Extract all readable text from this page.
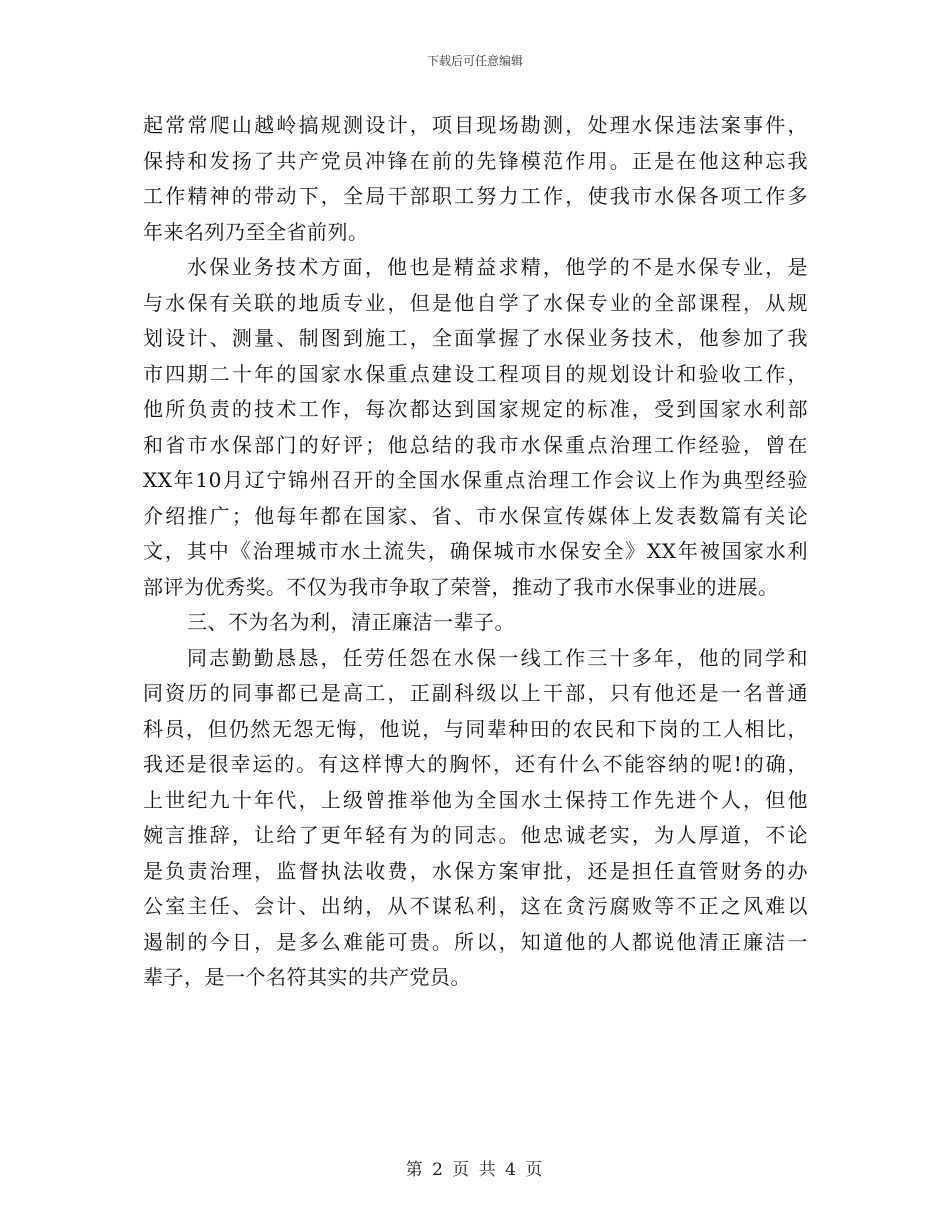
下载后可任意编辑
起常常爬山越岭搞规测设计，项目现场勘测，处理水保违法案事件，
保持和发扬了共产党员冲锋在前的先锋模范作用。正是在他这种忘我
工作精神的带动下，全局干部职工努力工作，使我市水保各项工作多
年来名列乃至全省前列。
水保业务技术方面，他也是精益求精，他学的不是水保专业，是
与水保有关联的地质专业，但是他自学了水保专业的全部课程，从规
划设计、测量、制图到施工，全面掌握了水保业务技术，他参加了我
市四期二十年的国家水保重点建设工程项目的规划设计和验收工作，
他所负责的技术工作，每次都达到国家规定的标准，受到国家水利部
和省市水保部门的好评；他总结的我市水保重点治理工作经验，曾在
XX年10月辽宁锦州召开的全国水保重点治理工作会议上作为典型经验
介绍推广；他每年都在国家、省、市水保宣传媒体上发表数篇有关论
文，其中《治理城市水土流失，确保城市水保安全》XX年被国家水利
部评为优秀奖。不仅为我市争取了荣誉，推动了我市水保事业的进展。
三、不为名为利，清正廉洁一辈子。
同志勤勤恳恳，任劳任怨在水保一线工作三十多年，他的同学和
同资历的同事都已是高工，正副科级以上干部，只有他还是一名普通
科员，但仍然无怨无悔，他说，与同辈种田的农民和下岗的工人相比，
我还是很幸运的。有这样博大的胸怀，还有什么不能容纳的呢!的确，
上世纪九十年代，上级曾推举他为全国水土保持工作先进个人，但他
婉言推辞，让给了更年轻有为的同志。他忠诚老实，为人厚道，不论
是负责治理，监督执法收费，水保方案审批，还是担任直管财务的办
公室主任、会计、出纳，从不谋私利，这在贪污腐败等不正之风难以
遏制的今日，是多么难能可贵。所以，知道他的人都说他清正廉洁一
辈子，是一个名符其实的共产党员。
第 2 页 共 4 页
